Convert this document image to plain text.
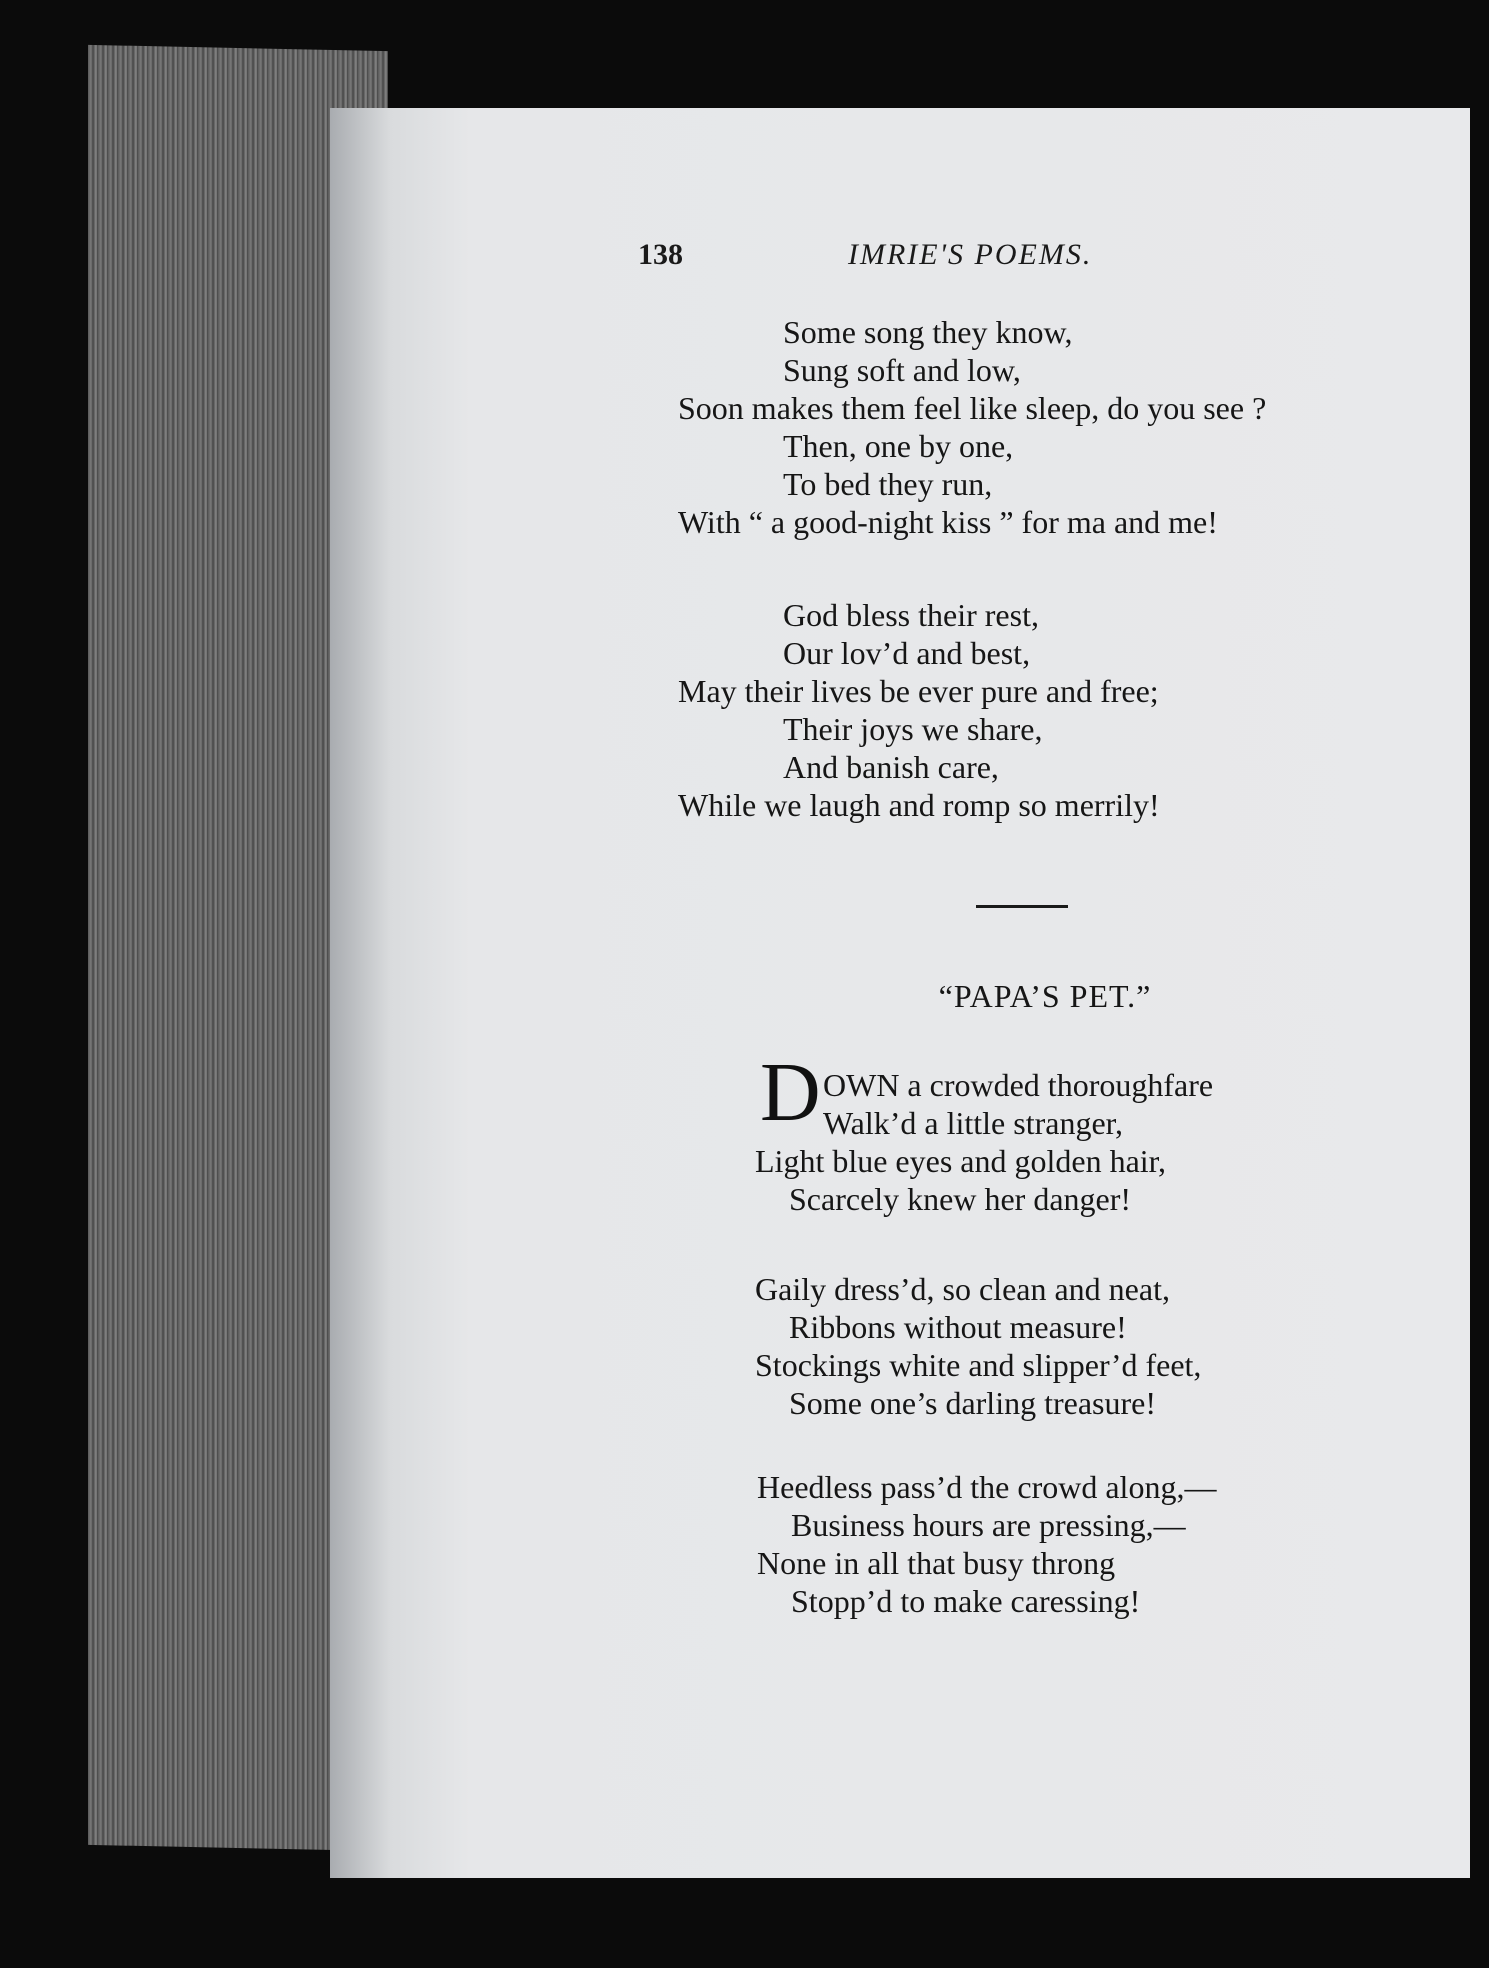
138	IMRIE'S POEMS.
Some song they know,
Sung soft and low,
Soon makes them feel like sleep, do you see ?
Then, one by one,
To bed they run,
With “ a good-night kiss ” for ma and me!
God bless their rest,
Our lov’d and best,
May their lives be ever pure and free;
Their joys we share,
And banish care,
While we laugh and romp so merrily!
“PAPA’S PET.”
D OWN a crowded thoroughfare
Walk’d a little stranger,
Light blue eyes and golden hair,
Scarcely knew her danger!
Gaily dress’d, so clean and neat,
Ribbons without measure!
Stockings white and slipper’d feet,
Some one’s darling treasure!
Heedless pass’d the crowd along,—
Business hours are pressing,—
None in all that busy throng
Stopp’d to make caressing!
